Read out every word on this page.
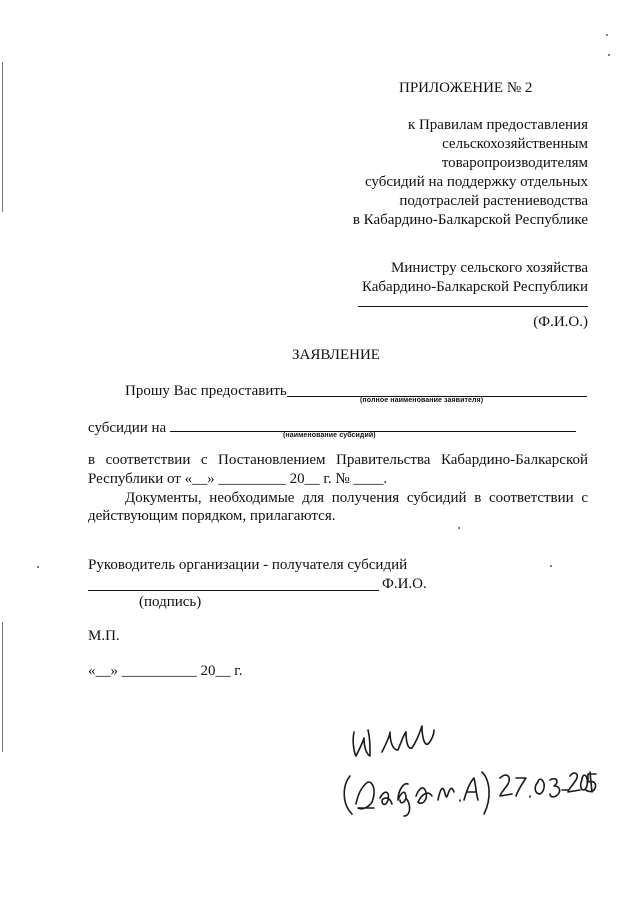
ПРИЛОЖЕНИЕ № 2
к Правилам предоставления
сельскохозяйственным
товаропроизводителям
субсидий на поддержку отдельных
подотраслей растениеводства
в Кабардино-Балкарской Республике
Министру сельского хозяйства
Кабардино-Балкарской Республики
(Ф.И.О.)
ЗАЯВЛЕНИЕ
Прошу Вас предоставить
(полное наименование заявителя)
субсидии на	(наименование субсидий)
в соответствии с Постановлением Правительства Кабардино-Балкарской
Республики от «__» _________ 20__ г. № ____.
Документы, необходимые для получения субсидий в соответствии с
действующим порядком, прилагаются.
Руководитель организации - получателя субсидий
Ф.И.О.
(подпись)
М.П.
«__» __________ 20__ г.
